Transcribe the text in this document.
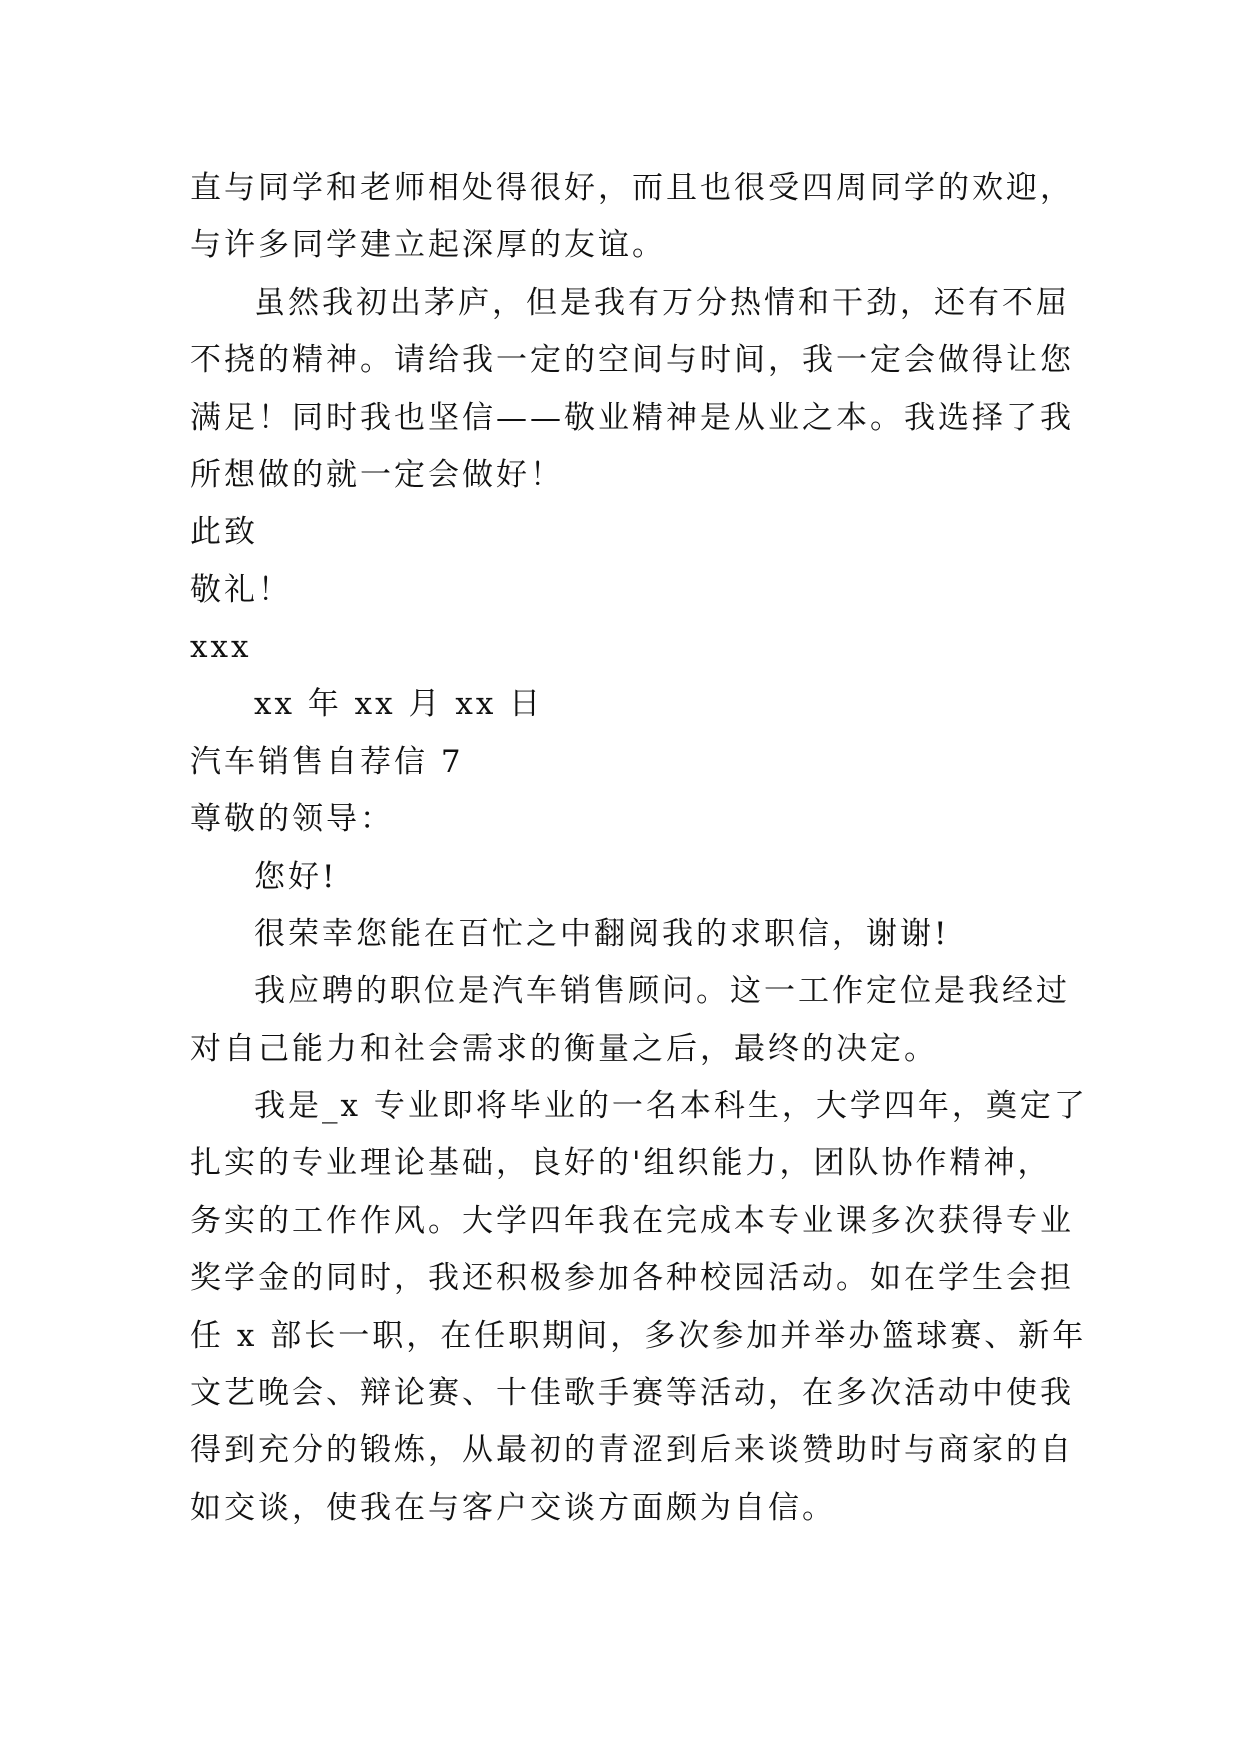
直与同学和老师相处得很好，而且也很受四周同学的欢迎，
与许多同学建立起深厚的友谊。
虽然我初出茅庐，但是我有万分热情和干劲，还有不屈
不挠的精神。请给我一定的空间与时间，我一定会做得让您
满足！同时我也坚信——敬业精神是从业之本。我选择了我
所想做的就一定会做好！
此致
敬礼！
xxx
xx 年 xx 月 xx 日
汽车销售自荐信 7
尊敬的领导：
您好!
很荣幸您能在百忙之中翻阅我的求职信，谢谢!
我应聘的职位是汽车销售顾问。这一工作定位是我经过
对自己能力和社会需求的衡量之后，最终的决定。
我是_x 专业即将毕业的一名本科生，大学四年，奠定了
扎实的专业理论基础，良好的'组织能力，团队协作精神，
务实的工作作风。大学四年我在完成本专业课多次获得专业
奖学金的同时，我还积极参加各种校园活动。如在学生会担
任 x 部长一职，在任职期间，多次参加并举办篮球赛、新年
文艺晚会、辩论赛、十佳歌手赛等活动，在多次活动中使我
得到充分的锻炼，从最初的青涩到后来谈赞助时与商家的自
如交谈，使我在与客户交谈方面颇为自信。
